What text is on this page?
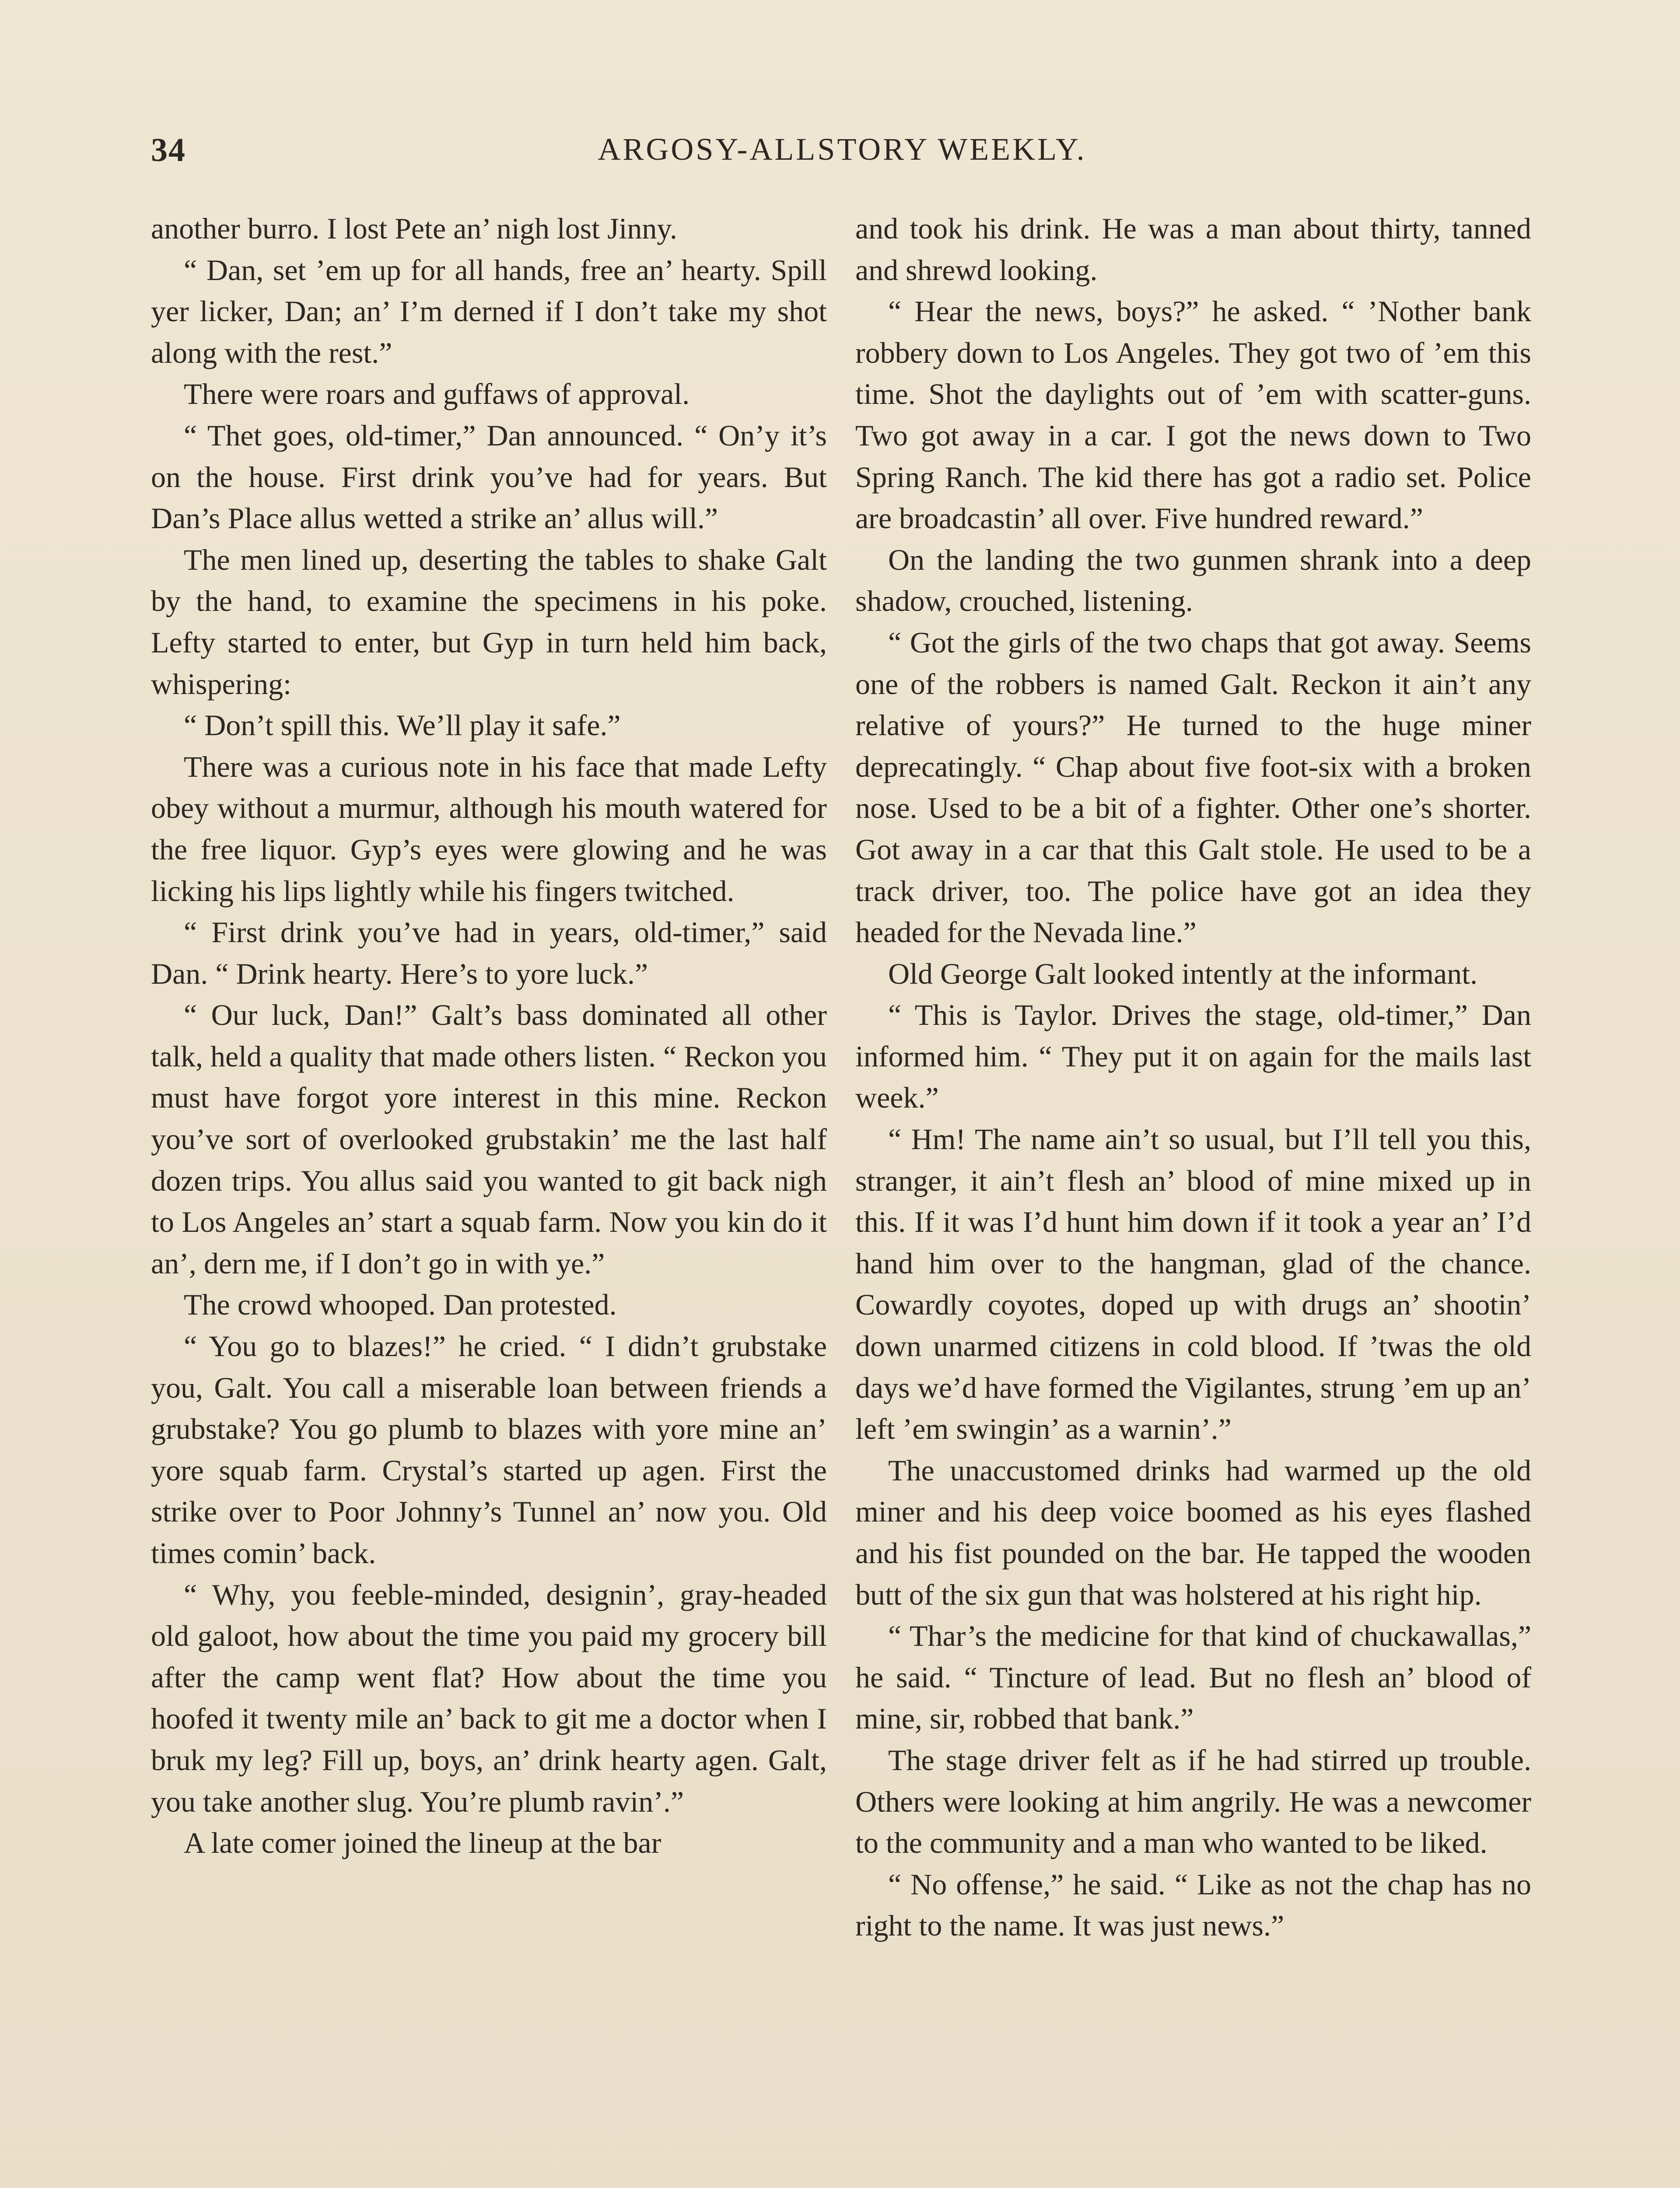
34	ARGOSY-ALLSTORY WEEKLY.

another burro. I lost Pete an’ nigh lost Jinny.

“ Dan, set ’em up for all hands, free an’ hearty. Spill yer licker, Dan; an’ I’m derned if I don’t take my shot along with the rest.”

There were roars and guffaws of approval.

“ Thet goes, old-timer,” Dan announced. “ On’y it’s on the house. First drink you’ve had for years. But Dan’s Place allus wetted a strike an’ allus will.”

The men lined up, deserting the tables to shake Galt by the hand, to examine the specimens in his poke. Lefty started to enter, but Gyp in turn held him back, whispering:

“ Don’t spill this. We’ll play it safe.”

There was a curious note in his face that made Lefty obey without a murmur, although his mouth watered for the free liquor. Gyp’s eyes were glowing and he was licking his lips lightly while his fingers twitched.

“ First drink you’ve had in years, old-timer,” said Dan. “ Drink hearty. Here’s to yore luck.”

“ Our luck, Dan!” Galt’s bass dominated all other talk, held a quality that made others listen. “ Reckon you must have forgot yore interest in this mine. Reckon you’ve sort of overlooked grubstakin’ me the last half dozen trips. You allus said you wanted to git back nigh to Los Angeles an’ start a squab farm. Now you kin do it an’, dern me, if I don’t go in with ye.”

The crowd whooped. Dan protested.

“ You go to blazes!” he cried. “ I didn’t grubstake you, Galt. You call a miserable loan between friends a grubstake? You go plumb to blazes with yore mine an’ yore squab farm. Crystal’s started up agen. First the strike over to Poor Johnny’s Tunnel an’ now you. Old times comin’ back.

“ Why, you feeble-minded, designin’, gray-headed old galoot, how about the time you paid my grocery bill after the camp went flat? How about the time you hoofed it twenty mile an’ back to git me a doctor when I bruk my leg? Fill up, boys, an’ drink hearty agen. Galt, you take another slug. You’re plumb ravin’.”

A late comer joined the lineup at the bar

and took his drink. He was a man about thirty, tanned and shrewd looking.

“ Hear the news, boys?” he asked. “ ’Nother bank robbery down to Los Angeles. They got two of ’em this time. Shot the daylights out of ’em with scatter-guns. Two got away in a car. I got the news down to Two Spring Ranch. The kid there has got a radio set. Police are broadcastin’ all over. Five hundred reward.”

On the landing the two gunmen shrank into a deep shadow, crouched, listening.

“ Got the girls of the two chaps that got away. Seems one of the robbers is named Galt. Reckon it ain’t any relative of yours?” He turned to the huge miner deprecatingly. “ Chap about five foot-six with a broken nose. Used to be a bit of a fighter. Other one’s shorter. Got away in a car that this Galt stole. He used to be a track driver, too. The police have got an idea they headed for the Nevada line.”

Old George Galt looked intently at the informant.

“ This is Taylor. Drives the stage, old-timer,” Dan informed him. “ They put it on again for the mails last week.”

“ Hm! The name ain’t so usual, but I’ll tell you this, stranger, it ain’t flesh an’ blood of mine mixed up in this. If it was I’d hunt him down if it took a year an’ I’d hand him over to the hangman, glad of the chance. Cowardly coyotes, doped up with drugs an’ shootin’ down unarmed citizens in cold blood. If ’twas the old days we’d have formed the Vigilantes, strung ’em up an’ left ’em swingin’ as a warnin’.”

The unaccustomed drinks had warmed up the old miner and his deep voice boomed as his eyes flashed and his fist pounded on the bar. He tapped the wooden butt of the six gun that was holstered at his right hip.

“ Thar’s the medicine for that kind of chuckawallas,” he said. “ Tincture of lead. But no flesh an’ blood of mine, sir, robbed that bank.”

The stage driver felt as if he had stirred up trouble. Others were looking at him angrily. He was a newcomer to the community and a man who wanted to be liked.

“ No offense,” he said. “ Like as not the chap has no right to the name. It was just news.”
